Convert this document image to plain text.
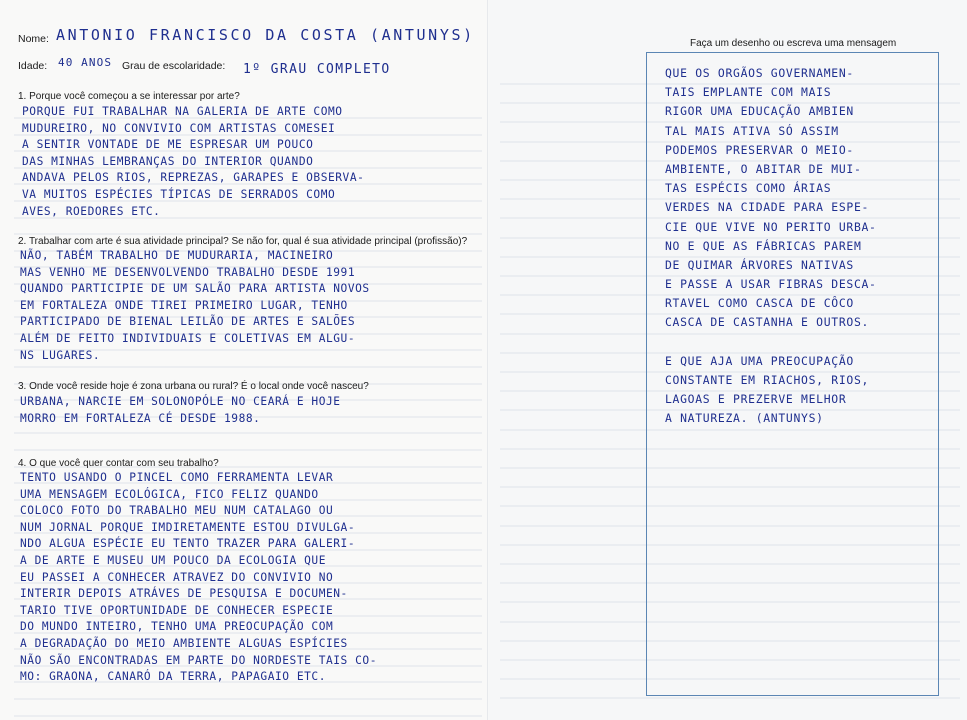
Nome: ANTONIO FRANCISCO DA COSTA (ANTUNYS)
Idade: 40 ANOS Grau de escolaridade: 1º GRAU COMPLETO
1. Porque você começou a se interessar por arte?
PORQUE FUI TRABALHAR NA GALERIA DE ARTE COMO
MUDUREIRO, NO CONVIVIO COM ARTISTAS COMESEI
A SENTIR VONTADE DE ME ESPRESAR UM POUCO
DAS MINHAS LEMBRANÇAS DO INTERIOR QUANDO
ANDAVA PELOS RIOS, REPREZAS, GARAPES E OBSERVA-
VA MUITOS ESPÉCIES TÍPICAS DE SERRADOS COMO
AVES, ROEDORES ETC.
2. Trabalhar com arte é sua atividade principal? Se não for, qual é sua atividade principal (profissão)?
NÃO, TABÉM TRABALHO DE MUDURARIA, MACINEIRO
MAS VENHO ME DESENVOLVENDO TRABALHO DESDE 1991
QUANDO PARTICIPIE DE UM SALÃO PARA ARTISTA NOVOS
EM FORTALEZA ONDE TIREI PRIMEIRO LUGAR, TENHO
PARTICIPADO DE BIENAL LEILÃO DE ARTES E SALÕES
ALÉM DE FEITO INDIVIDUAIS E COLETIVAS EM ALGU-
NS LUGARES.
3. Onde você reside hoje é zona urbana ou rural? É o local onde você nasceu?
URBANA, NARCIE EM SOLONOPÓLE NO CEARÁ E HOJE
MORRO EM FORTALEZA CÉ DESDE 1988.
4. O que você quer contar com seu trabalho?
TENTO USANDO O PINCEL COMO FERRAMENTA LEVAR
UMA MENSAGEM ECOLÓGICA, FICO FELIZ QUANDO
COLOCO FOTO DO TRABALHO MEU NUM CATALAGO OU
NUM JORNAL PORQUE IMDIRETAMENTE ESTOU DIVULGA-
NDO ALGUA ESPÉCIE EU TENTO TRAZER PARA GALERI-
A DE ARTE E MUSEU UM POUCO DA ECOLOGIA QUE
EU PASSEI A CONHECER ATRAVEZ DO CONVIVIO NO
INTERIR DEPOIS ATRÁVES DE PESQUISA E DOCUMEN-
TARIO TIVE OPORTUNIDADE DE CONHECER ESPECIE
DO MUNDO INTEIRO, TENHO UMA PREOCUPAÇÃO COM
A DEGRADAÇÃO DO MEIO AMBIENTE ALGUAS ESPÍCIES
NÃO SÃO ENCONTRADAS EM PARTE DO NORDESTE TAIS CO-
MO: GRAONA, CANARÓ DA TERRA, PAPAGAIO ETC.
Faça um desenho ou escreva uma mensagem
QUE OS ORGÃOS GOVERNAMEN-
TAIS EMPLANTE COM MAIS
RIGOR UMA EDUCAÇÃO AMBIEN
TAL MAIS ATIVA SÓ ASSIM
PODEMOS PRESERVAR O MEIO-
AMBIENTE, O ABITAR DE MUI-
TAS ESPÉCIS COMO ÁRIAS
VERDES NA CIDADE PARA ESPE-
CIE QUE VIVE NO PERITO URBA-
NO E QUE AS FÁBRICAS PAREM
DE QUIMAR ÁRVORES NATIVAS
E PASSE A USAR FIBRAS DESCA-
RTAVEL COMO CASCA DE CÔCO
CASCA DE CASTANHA E OUTROS.
E QUE AJA UMA PREOCUPAÇÃO
CONSTANTE EM RIACHOS, RIOS,
LAGOAS E PREZERVE MELHOR
A NATUREZA. (ANTUNYS)
